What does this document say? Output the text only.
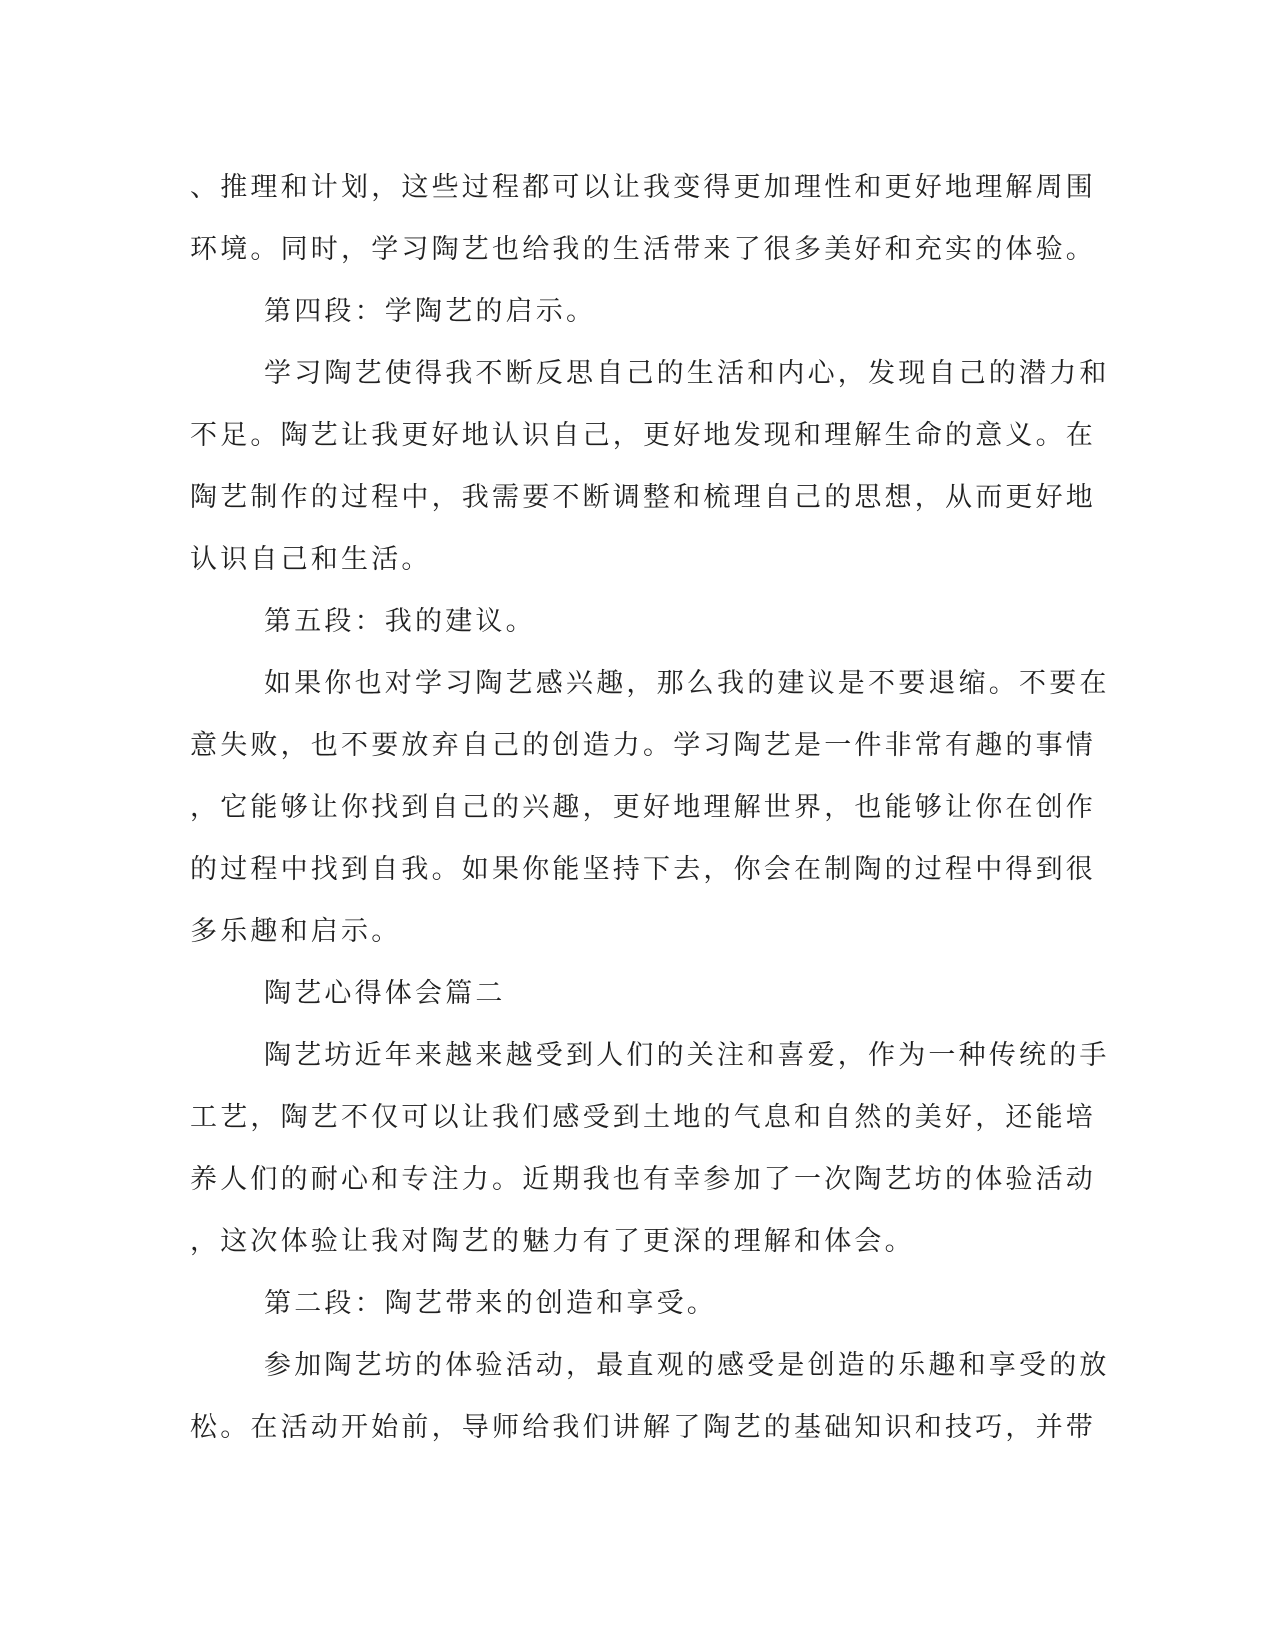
、推理和计划，这些过程都可以让我变得更加理性和更好地理解周围
环境。同时，学习陶艺也给我的生活带来了很多美好和充实的体验。
第四段：学陶艺的启示。
学习陶艺使得我不断反思自己的生活和内心，发现自己的潜力和
不足。陶艺让我更好地认识自己，更好地发现和理解生命的意义。在
陶艺制作的过程中，我需要不断调整和梳理自己的思想，从而更好地
认识自己和生活。
第五段：我的建议。
如果你也对学习陶艺感兴趣，那么我的建议是不要退缩。不要在
意失败，也不要放弃自己的创造力。学习陶艺是一件非常有趣的事情
，它能够让你找到自己的兴趣，更好地理解世界，也能够让你在创作
的过程中找到自我。如果你能坚持下去，你会在制陶的过程中得到很
多乐趣和启示。
陶艺心得体会篇二
陶艺坊近年来越来越受到人们的关注和喜爱，作为一种传统的手
工艺，陶艺不仅可以让我们感受到土地的气息和自然的美好，还能培
养人们的耐心和专注力。近期我也有幸参加了一次陶艺坊的体验活动
，这次体验让我对陶艺的魅力有了更深的理解和体会。
第二段：陶艺带来的创造和享受。
参加陶艺坊的体验活动，最直观的感受是创造的乐趣和享受的放
松。在活动开始前，导师给我们讲解了陶艺的基础知识和技巧，并带
